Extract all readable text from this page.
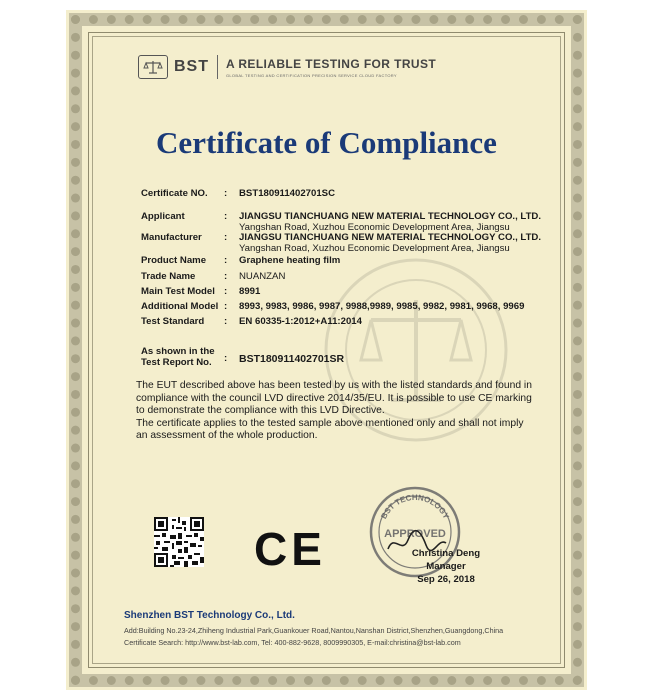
BST A RELIABLE TESTING FOR TRUST
GLOBAL TESTING AND CERTIFICATION PRECISION SERVICE CLOUD FACTORY
Certificate of Compliance
Certificate NO.	:	BST180911402701SC
Applicant	:	JIANGSU TIANCHUANG NEW MATERIAL TECHNOLOGY CO., LTD.
Yangshan Road, Xuzhou Economic Development Area, Jiangsu
Manufacturer	:	JIANGSU TIANCHUANG NEW MATERIAL TECHNOLOGY CO., LTD.
Yangshan Road, Xuzhou Economic Development Area, Jiangsu
Product Name	:	Graphene heating film
Trade Name	:	NUANZAN
Main Test Model :	8991
Additional Model :	8993, 9983, 9986, 9987, 9988,9989, 9985, 9982, 9981, 9968, 9969
Test Standard	:	EN 60335-1:2012+A11:2014
As shown in the
Test Report No.	:	BST180911402701SR

The EUT described above has been tested by us with the listed standards and found in compliance with the council LVD directive 2014/35/EU. It is possible to use CE marking to demonstrate the compliance with this LVD Directive.

The certificate applies to the tested sample above mentioned only and shall not imply an assessment of the whole production.

CE
BST TECHNOLOGY
APPROVED
Christina Deng
Manager
Sep 26, 2018
Shenzhen BST Technology Co., Ltd.
Add:Building No.23-24,Zhiheng Industrial Park,Guankouer Road,Nantou,Nanshan District,Shenzhen,Guangdong,China
Certificate Search: http://www.bst-lab.com, Tel: 400-882-9628, 8009990305, E-mail:christina@bst-lab.com
